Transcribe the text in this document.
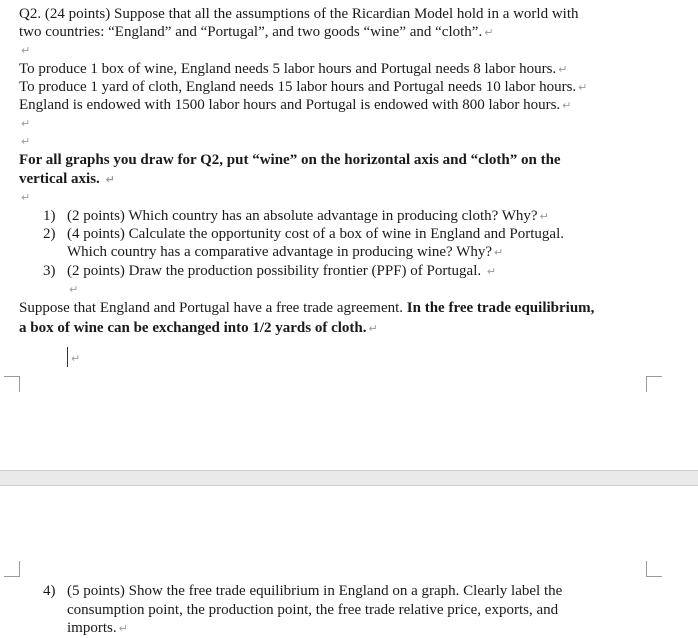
Q2. (24 points) Suppose that all the assumptions of the Ricardian Model hold in a world with
two countries: “England” and “Portugal”, and two goods “wine” and “cloth”. ↵
↵
To produce 1 box of wine, England needs 5 labor hours and Portugal needs 8 labor hours. ↵
To produce 1 yard of cloth, England needs 15 labor hours and Portugal needs 10 labor hours. ↵
England is endowed with 1500 labor hours and Portugal is endowed with 800 labor hours. ↵
↵
↵
For all graphs you draw for Q2, put “wine” on the horizontal axis and “cloth” on the
vertical axis. ↵
↵
1) (2 points) Which country has an absolute advantage in producing cloth? Why? ↵
2) (4 points) Calculate the opportunity cost of a box of wine in England and Portugal.
Which country has a comparative advantage in producing wine? Why? ↵
3) (2 points) Draw the production possibility frontier (PPF) of Portugal. ↵
↵
Suppose that England and Portugal have a free trade agreement. In the free trade equilibrium,
a box of wine can be exchanged into 1/2 yards of cloth. ↵
↵
4) (5 points) Show the free trade equilibrium in England on a graph. Clearly label the
consumption point, the production point, the free trade relative price, exports, and
imports. ↵
